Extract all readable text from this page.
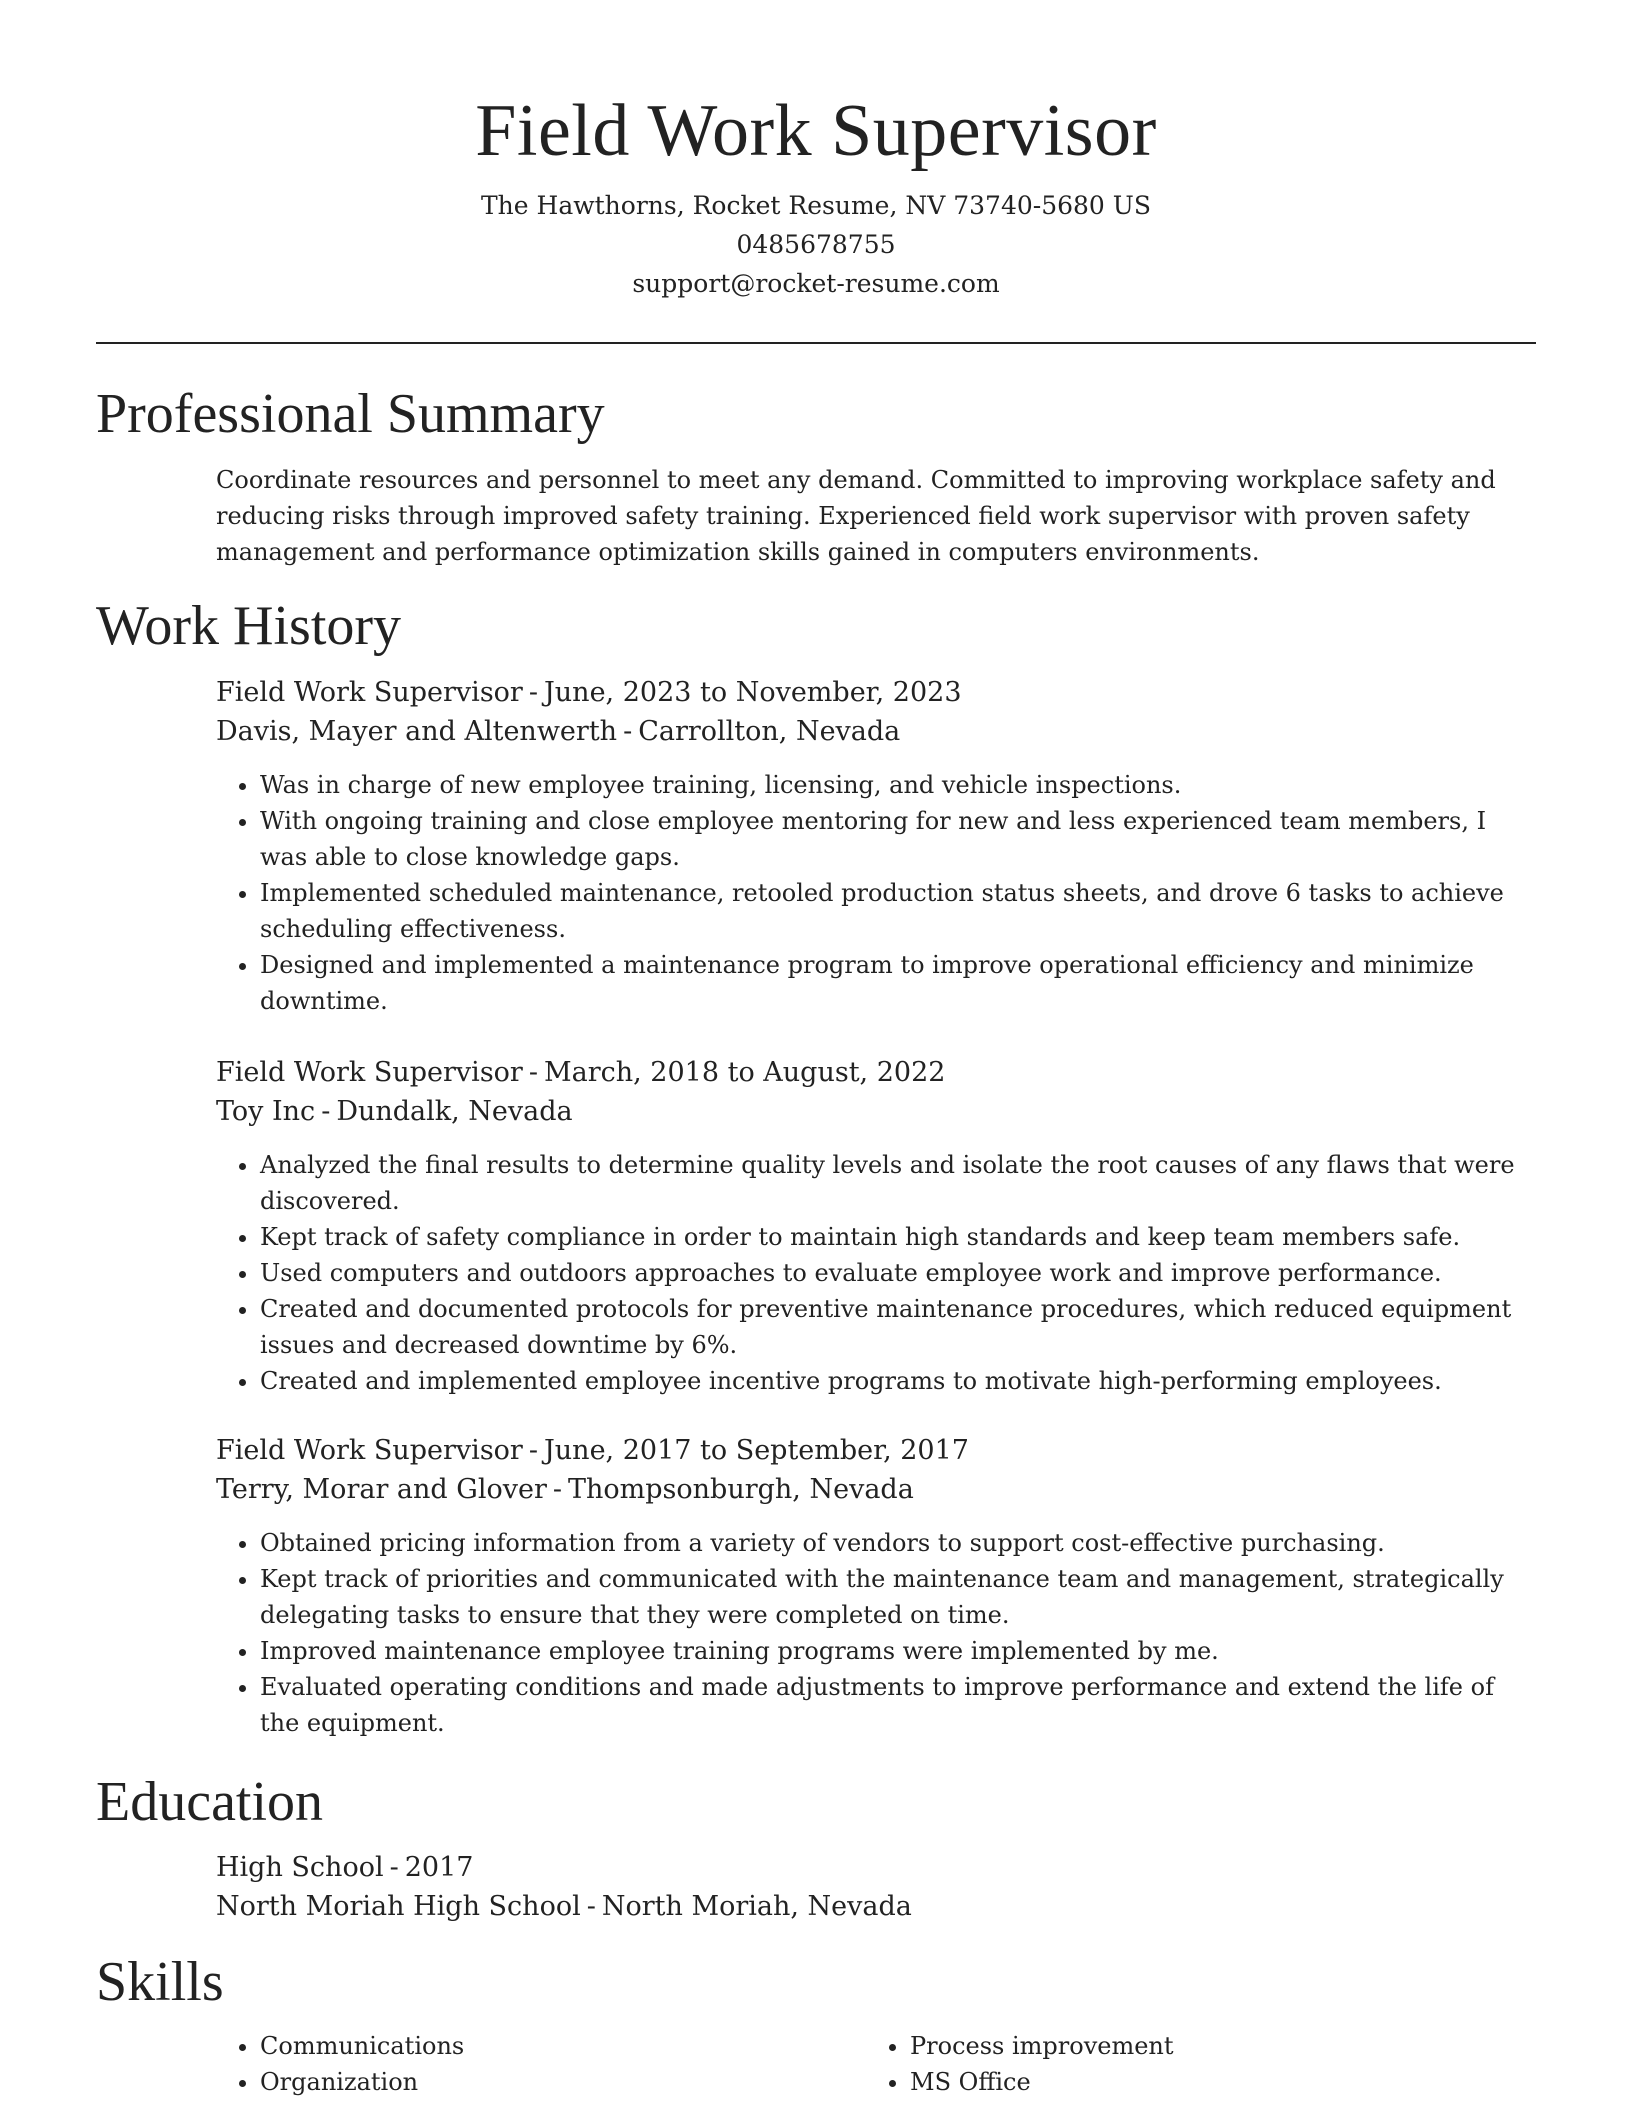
Field Work Supervisor
The Hawthorns, Rocket Resume, NV 73740-5680 US
0485678755
support@rocket-resume.com
Professional Summary

Coordinate resources and personnel to meet any demand. Committed to improving workplace safety and reducing risks through improved safety training. Experienced field work supervisor with proven safety management and performance optimization skills gained in computers environments.

Work History
Field Work Supervisor - June, 2023 to November, 2023
Davis, Mayer and Altenwerth - Carrollton, Nevada
• Was in charge of new employee training, licensing, and vehicle inspections.
• With ongoing training and close employee mentoring for new and less experienced team members, I was able to close knowledge gaps.
• Implemented scheduled maintenance, retooled production status sheets, and drove 6 tasks to achieve scheduling effectiveness.
• Designed and implemented a maintenance program to improve operational efficiency and minimize downtime.
Field Work Supervisor - March, 2018 to August, 2022
Toy Inc - Dundalk, Nevada
• Analyzed the final results to determine quality levels and isolate the root causes of any flaws that were discovered.
• Kept track of safety compliance in order to maintain high standards and keep team members safe.
• Used computers and outdoors approaches to evaluate employee work and improve performance.
• Created and documented protocols for preventive maintenance procedures, which reduced equipment issues and decreased downtime by 6%.
• Created and implemented employee incentive programs to motivate high-performing employees.
Field Work Supervisor - June, 2017 to September, 2017
Terry, Morar and Glover - Thompsonburgh, Nevada
• Obtained pricing information from a variety of vendors to support cost-effective purchasing.
• Kept track of priorities and communicated with the maintenance team and management, strategically delegating tasks to ensure that they were completed on time.
• Improved maintenance employee training programs were implemented by me.
• Evaluated operating conditions and made adjustments to improve performance and extend the life of the equipment.
Education
High School - 2017
North Moriah High School - North Moriah, Nevada
Skills
• Communications
• Organization
• Process improvement
• MS Office
